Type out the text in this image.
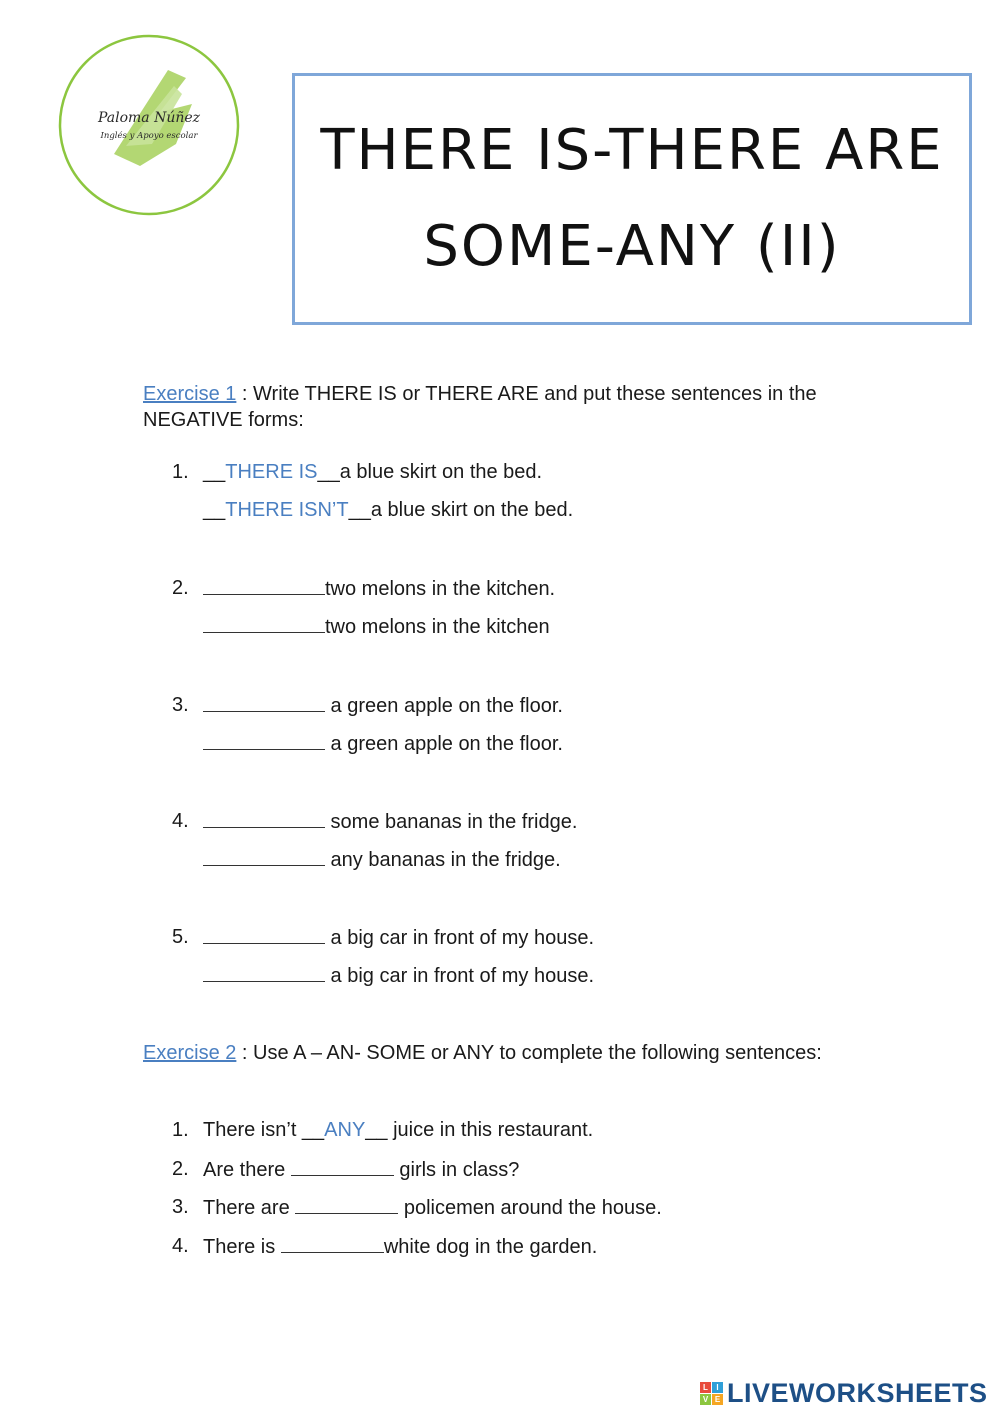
Paloma Núñez
Inglés y Apoyo escolar THERE IS-THERE ARE
SOME-ANY (II)
Exercise 1 : Write THERE IS or THERE ARE and put these sentences in the NEGATIVE forms:
1. __THERE IS__a blue skirt on the bed.
__THERE ISN’T__a blue skirt on the bed.
2.	two melons in the kitchen.
two melons in the kitchen
3.	a green apple on the floor.
a green apple on the floor.
4.	some bananas in the fridge.
any bananas in the fridge.
5.	a big car in front of my house.
a big car in front of my house.
Exercise 2 : Use A – AN- SOME or ANY to complete the following sentences:
1. There isn’t __ANY__ juice in this restaurant.
2. Are there	girls in class?
3. There are	policemen around the house.
4. There is	white dog in the garden.
L	I
V E LIVEWORKSHEETS
